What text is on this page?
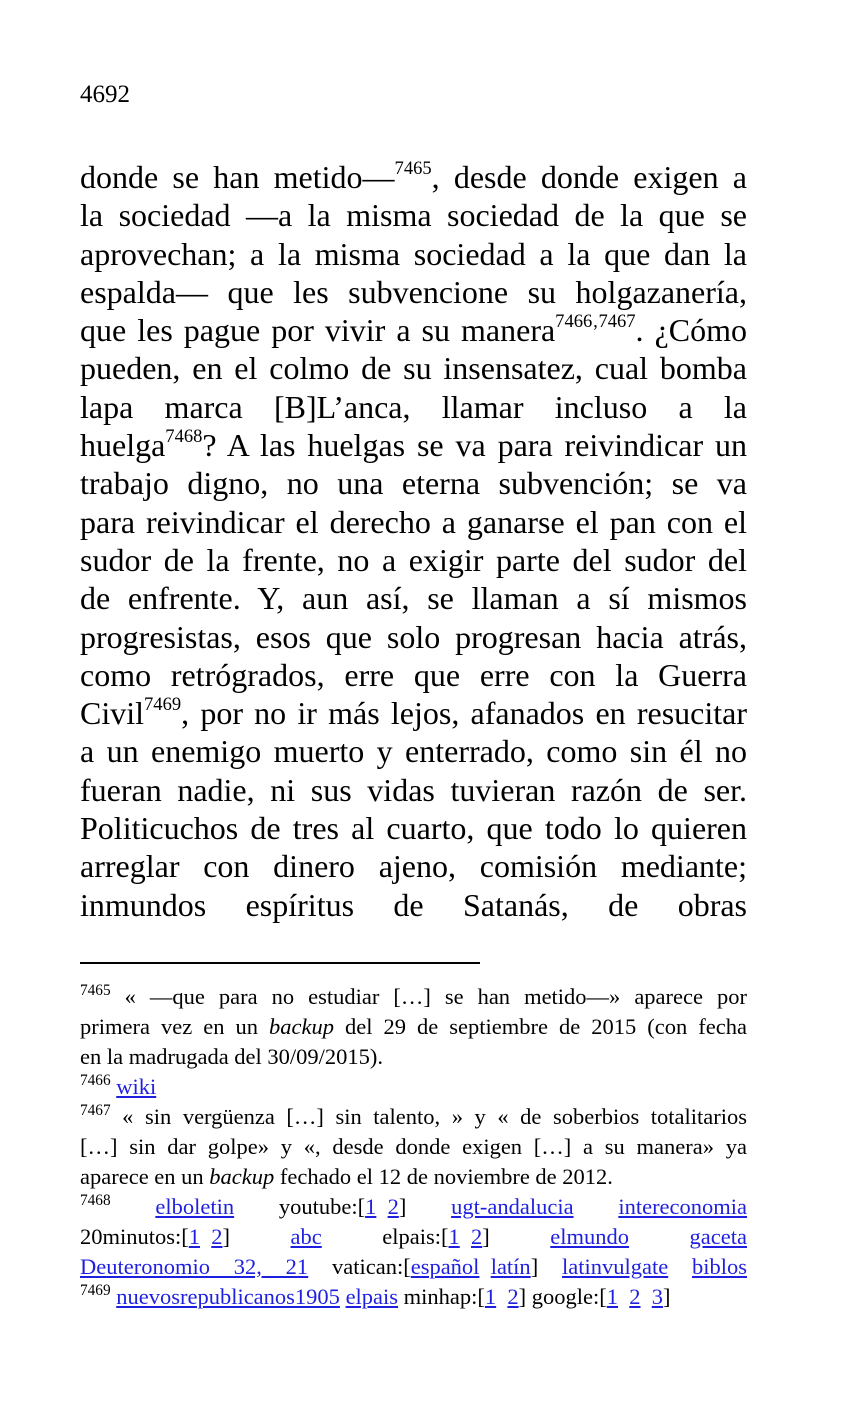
4692
donde se han metido—$^{7465}$, desde donde exigen a
la sociedad —a la misma sociedad de la que se
aprovechan; a la misma sociedad a la que dan la
espalda— que les subvencione su holgazanería,
que les pague por vivir a su manera$^{7466‚7467}$. ¿Cómo
pueden, en el colmo de su insensatez, cual bomba
lapa marca [B]L’anca, llamar incluso a la
huelga$^{7468}$? A las huelgas se va para reivindicar un
trabajo digno, no una eterna subvención; se va
para reivindicar el derecho a ganarse el pan con el
sudor de la frente, no a exigir parte del sudor del
de enfrente. Y, aun así, se llaman a sí mismos
progresistas, esos que solo progresan hacia atrás,
como retrógrados, erre que erre con la Guerra
Civil$^{7469}$, por no ir más lejos, afanados en resucitar
a un enemigo muerto y enterrado, como sin él no
fueran nadie, ni sus vidas tuvieran razón de ser.
Politicuchos de tres al cuarto, que todo lo quieren
arreglar con dinero ajeno, comisión mediante;
inmundos espíritus de Satanás, de obras
$^{7465}$ « —que para no estudiar […] se han metido—» aparece por
primera vez en un backup del 29 de septiembre de 2015 (con fecha
en la madrugada del 30/09/2015).
$^{7466}$ wiki
$^{7467}$ « sin vergüenza […] sin talento, » y « de soberbios totalitarios
[…] sin dar golpe» y «, desde donde exigen […] a su manera» ya
aparece en un backup fechado el 12 de noviembre de 2012.
$^{7468}$ elboletin youtube:[1  2] ugt-andalucia intereconomia
20minutos:[1  2]	abc	elpais:[1  2]	elmundo	gaceta
Deuteronomio 32, 21 vatican:[español  latín] latinvulgate biblos
$^{7469}$ nuevosrepublicanos1905 elpais minhap:[1  2] google:[1  2  3]
